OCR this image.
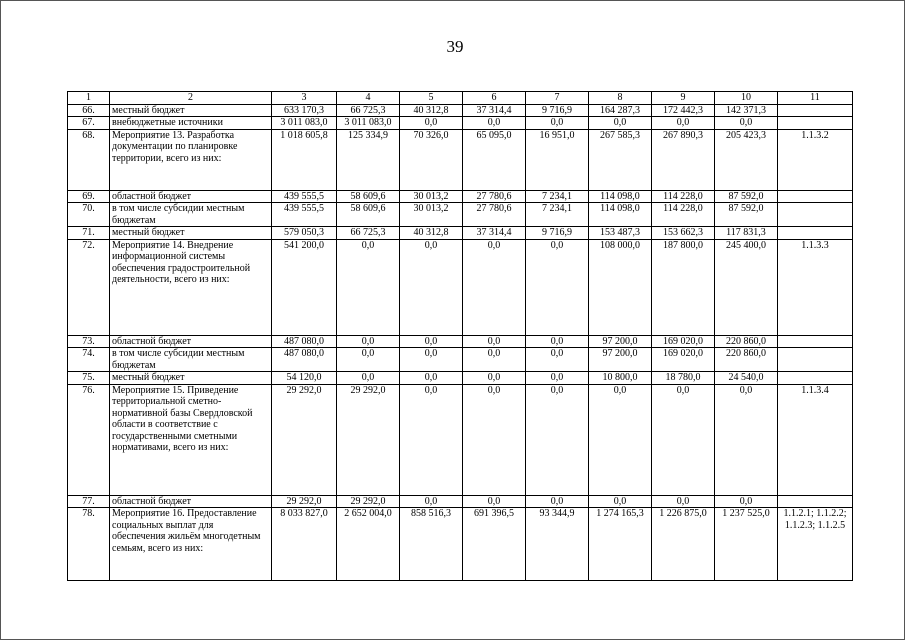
39
1	2	3	4	5	6	7	8	9	10	11
66.	местный бюджет	633 170,3	66 725,3	40 312,8	37 314,4	9 716,9	164 287,3	172 442,3	142 371,3	
67.	внебюджетные источники	3 011 083,0	3 011 083,0	0,0	0,0	0,0	0,0	0,0	0,0	
68.	Мероприятие 13. Разработка документации по планировке территории, всего из них:	1 018 605,8	125 334,9	70 326,0	65 095,0	16 951,0	267 585,3	267 890,3	205 423,3	1.1.3.2
69.	областной бюджет	439 555,5	58 609,6	30 013,2	27 780,6	7 234,1	114 098,0	114 228,0	87 592,0	
70.	в том числе субсидии местным бюджетам	439 555,5	58 609,6	30 013,2	27 780,6	7 234,1	114 098,0	114 228,0	87 592,0	
71.	местный бюджет	579 050,3	66 725,3	40 312,8	37 314,4	9 716,9	153 487,3	153 662,3	117 831,3	
72.	Мероприятие 14. Внедрение информационной системы обеспечения градостроительной деятельности, всего из них:	541 200,0	0,0	0,0	0,0	0,0	108 000,0	187 800,0	245 400,0	1.1.3.3
73.	областной бюджет	487 080,0	0,0	0,0	0,0	0,0	97 200,0	169 020,0	220 860,0	
74.	в том числе субсидии местным бюджетам	487 080,0	0,0	0,0	0,0	0,0	97 200,0	169 020,0	220 860,0	
75.	местный бюджет	54 120,0	0,0	0,0	0,0	0,0	10 800,0	18 780,0	24 540,0	
76.	Мероприятие 15. Приведение территориальной сметно-нормативной базы Свердловской области в соответствие с государственными сметными нормативами, всего из них:	29 292,0	29 292,0	0,0	0,0	0,0	0,0	0,0	0,0	1.1.3.4
77.	областной бюджет	29 292,0	29 292,0	0,0	0,0	0,0	0,0	0,0	0,0	
78.	Мероприятие 16. Предоставление социальных выплат для обеспечения жильём многодетным семьям, всего из них:	8 033 827,0	2 652 004,0	858 516,3	691 396,5	93 344,9	1 274 165,3	1 226 875,0	1 237 525,0	1.1.2.1; 1.1.2.2; 1.1.2.3; 1.1.2.5
